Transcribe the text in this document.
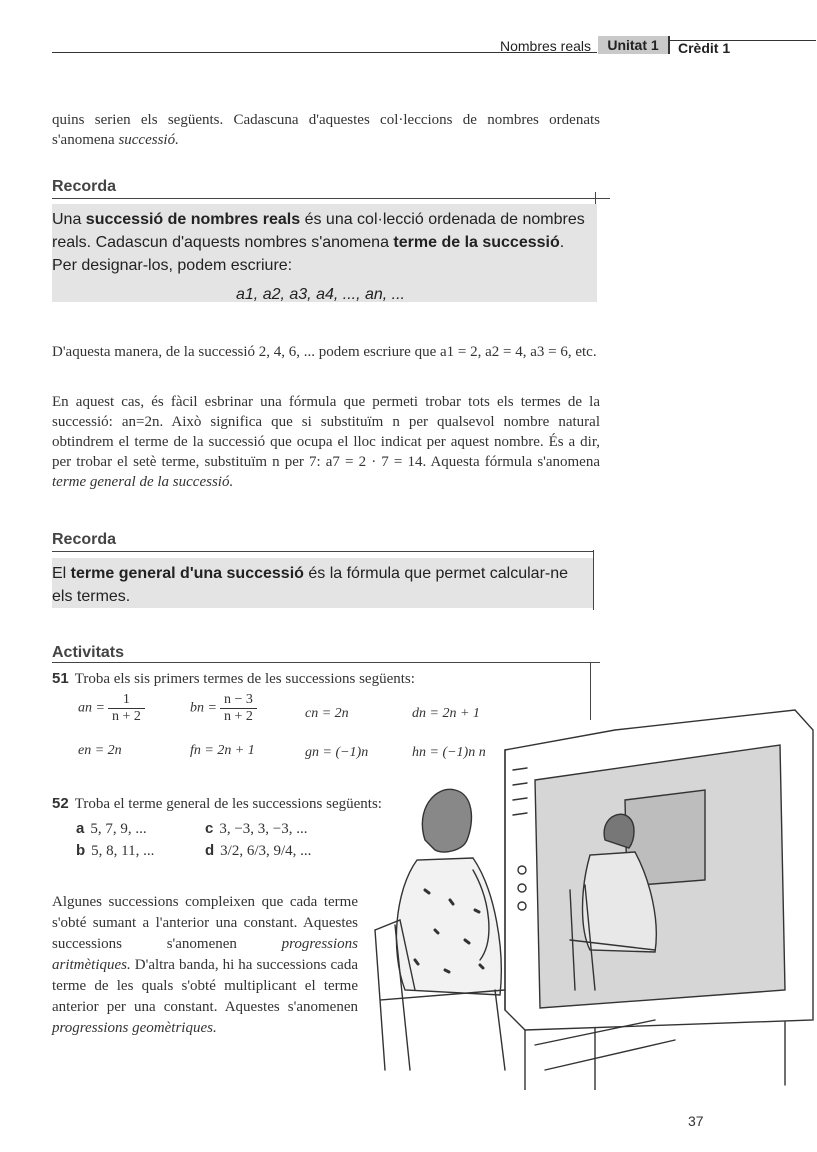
Nombres reals	Unitat 1	Crèdit 1
quins serien els següents. Cadascuna d'aquestes col·leccions de nombres ordenats s'anomena successió.
Recorda
Una successió de nombres reals és una col·lecció ordenada de nombres reals. Cadascun d'aquests nombres s'anomena terme de la successió. Per designar-los, podem escriure:
a1, a2, a3, a4, ..., an, ...
D'aquesta manera, de la successió 2, 4, 6, ... podem escriure que a1 = 2, a2 = 4, a3 = 6, etc.
En aquest cas, és fàcil esbrinar una fórmula que permeti trobar tots els termes de la successió: an=2n. Això significa que si substituïm n per qualsevol nombre natural obtindrem el terme de la successió que ocupa el lloc indicat per aquest nombre. És a dir, per trobar el setè terme, substituïm n per 7: a7 = 2 · 7 = 14. Aquesta fórmula s'anomena terme general de la successió.
Recorda
El terme general d'una successió és la fórmula que permet calcular-ne els termes.
Activitats
51 Troba els sis primers termes de les successions següents:
an = $\frac{1}{n + 2}$	bn = $\frac{n - 3}{n + 2}$	cn = 2n	dn = 2n + 1
en = 2n	fn = 2n + 1	gn = (−1)n	hn = (−1)n n
52 Troba el terme general de les successions següents:
a 5, 7, 9, ...
b 5, 8, 11, ...
c 3, −3, 3, −3, ...
d 3/2, 6/3, 9/4, ...
Algunes successions compleixen que cada terme s'obté sumant a l'anterior una constant. Aquestes successions s'anomenen progressions aritmètiques. D'altra banda, hi ha successions cada terme de les quals s'obté multiplicant el terme anterior per una constant. Aquestes s'anomenen progressions geomètriques.
37
